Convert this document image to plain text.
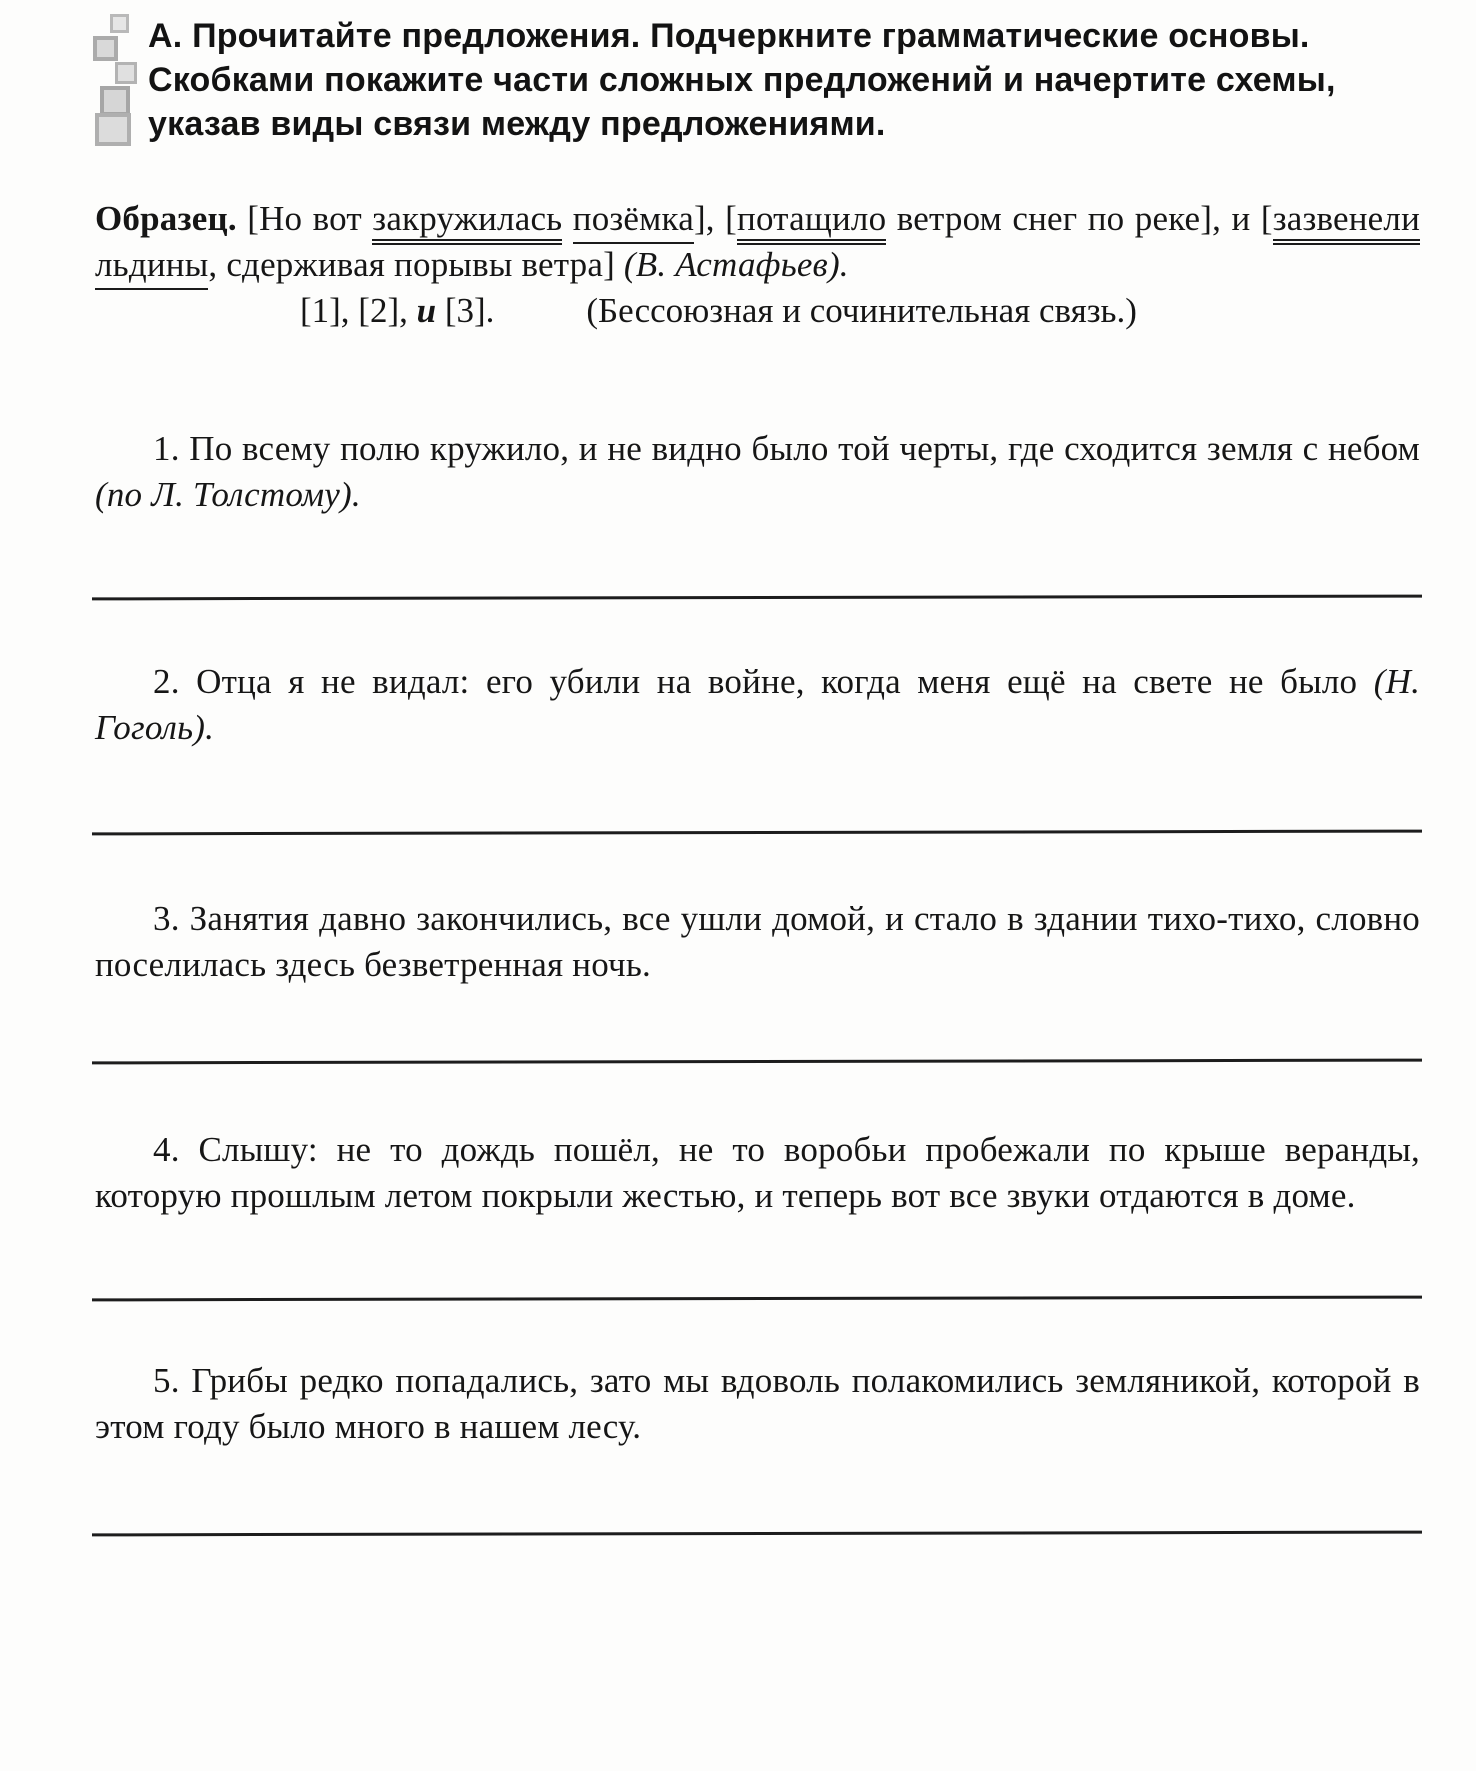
А. Прочитайте предложения. Подчеркните грамматические основы. Скобками покажите части сложных предложений и начертите схемы, указав виды связи между предложениями.

Образец. [Но вот закружилась позёмка], [потащило ветром снег по реке], и [зазвенели льдины, сдерживая порывы ветра] (В. Астафьев).

[1], [2], и [3].	(Бессоюзная и сочинительная связь.)

1. По всему полю кружило, и не видно было той черты, где сходится земля с небом (по Л. Толстому).

2. Отца я не видал: его убили на войне, когда меня ещё на свете не было (Н. Гоголь).

3. Занятия давно закончились, все ушли домой, и стало в здании тихо-тихо, словно поселилась здесь безветренная ночь.

4. Слышу: не то дождь пошёл, не то воробьи пробежали по крыше веранды, которую прошлым летом покрыли жестью, и теперь вот все звуки отдаются в доме.

5. Грибы редко попадались, зато мы вдоволь полакомились земляникой, которой в этом году было много в нашем лесу.
